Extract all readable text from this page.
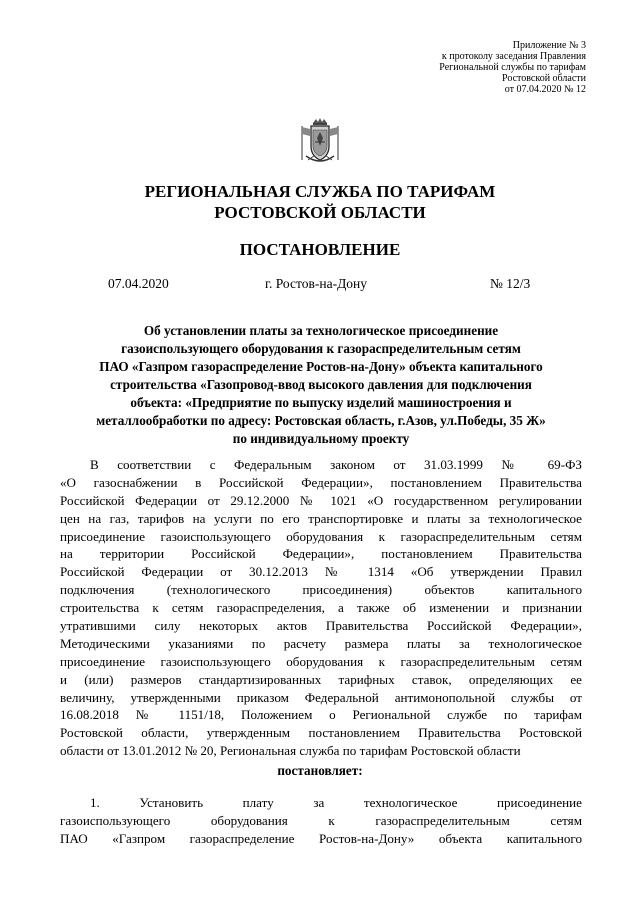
Приложение № 3
к протоколу заседания Правления
Региональной службы по тарифам
Ростовской области
от 07.04.2020 № 12
РЕГИОНАЛЬНАЯ СЛУЖБА ПО ТАРИФАМ
РОСТОВСКОЙ ОБЛАСТИ
ПОСТАНОВЛЕНИЕ
07.04.2020	г. Ростов-на-Дону	№ 12/3
Об установлении платы за технологическое присоединение
газоиспользующего оборудования к газораспределительным сетям
ПАО «Газпром газораспределение Ростов-на-Дону» объекта капитального
строительства «Газопровод-ввод высокого давления для подключения
объекта: «Предприятие по выпуску изделий машиностроения и
металлообработки по адресу: Ростовская область, г.Азов, ул.Победы, 35 Ж»
по индивидуальному проекту
В соответствии с Федеральным законом от 31.03.1999 № 69-ФЗ
«О газоснабжении в Российской Федерации», постановлением Правительства
Российской Федерации от 29.12.2000 № 1021 «О государственном регулировании
цен на газ, тарифов на услуги по его транспортировке и платы за технологическое
присоединение газоиспользующего оборудования к газораспределительным сетям
на территории Российской Федерации», постановлением Правительства
Российской Федерации от 30.12.2013 № 1314 «Об утверждении Правил
подключения (технологического присоединения) объектов капитального
строительства к сетям газораспределения, а также об изменении и признании
утратившими силу некоторых актов Правительства Российской Федерации»,
Методическими указаниями по расчету размера платы за технологическое
присоединение газоиспользующего оборудования к газораспределительным сетям
и (или) размеров стандартизированных тарифных ставок, определяющих ее
величину, утвержденными приказом Федеральной антимонопольной службы от
16.08.2018 № 1151/18, Положением о Региональной службе по тарифам
Ростовской области, утвержденным постановлением Правительства Ростовской
области от 13.01.2012 № 20, Региональная служба по тарифам Ростовской области
постановляет:
1. Установить плату за технологическое присоединение
газоиспользующего оборудования к газораспределительным сетям
ПАО «Газпром газораспределение Ростов-на-Дону» объекта капитального
